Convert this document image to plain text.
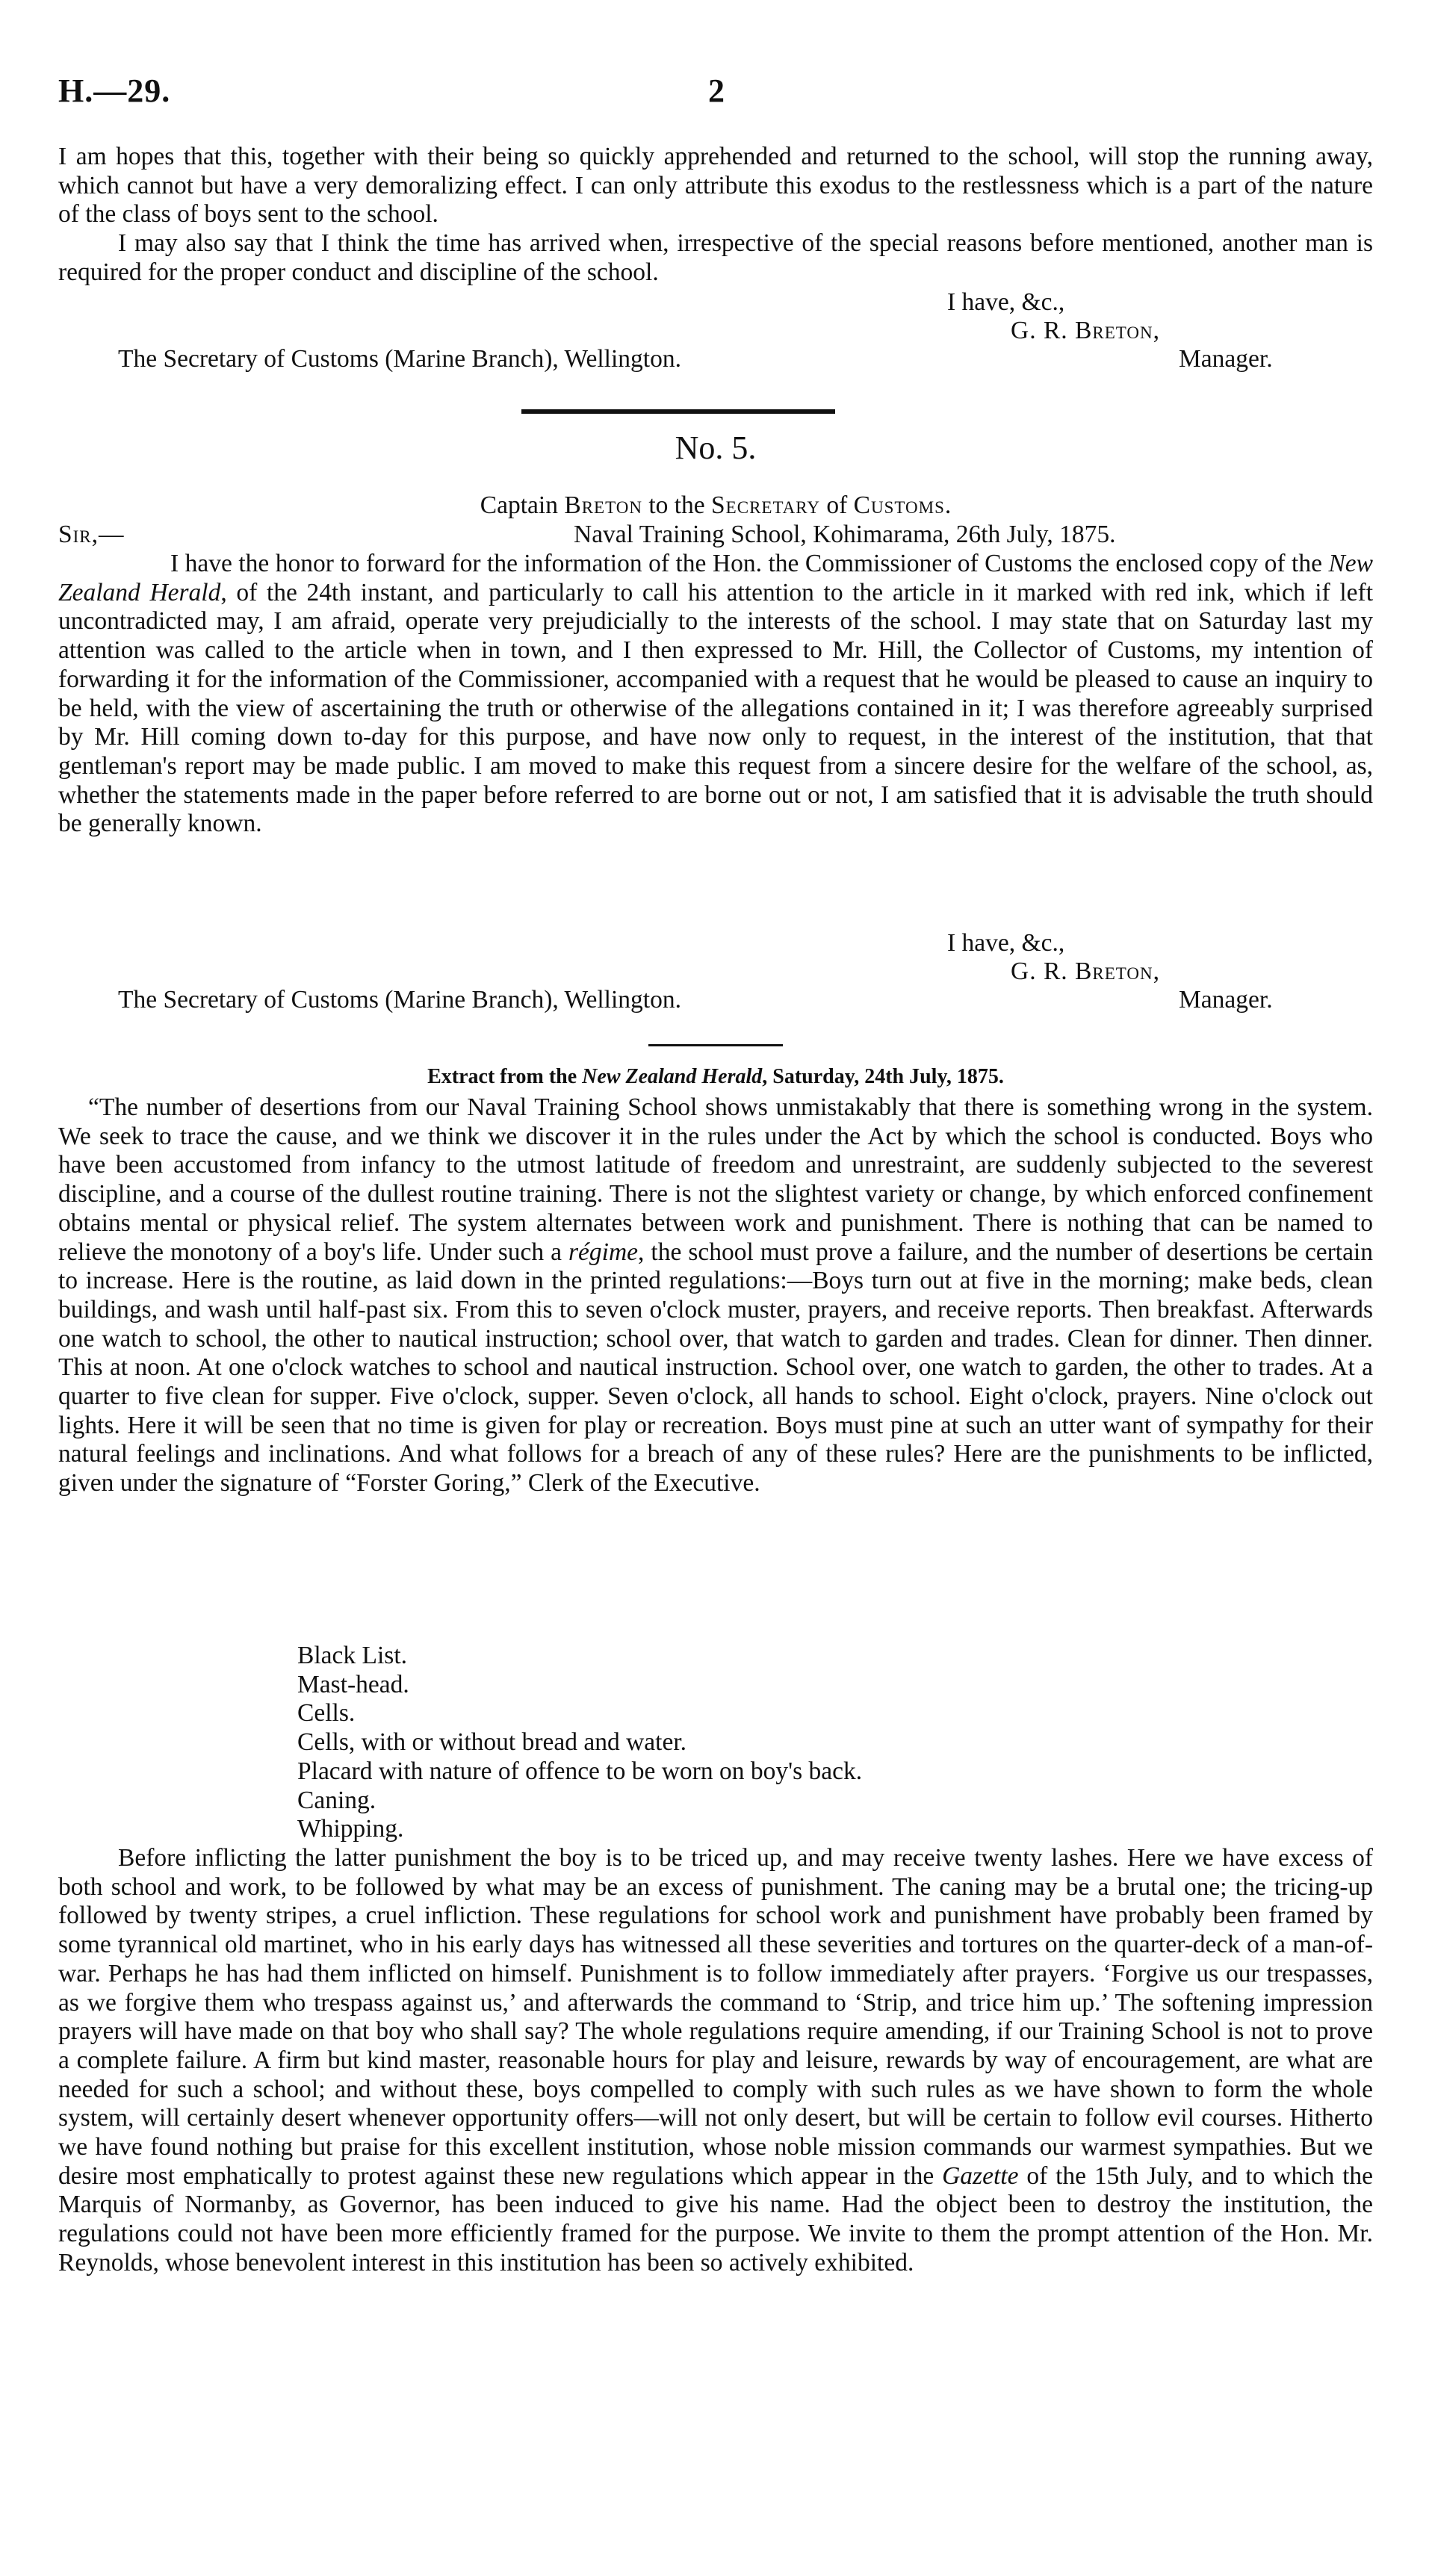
H.—29.	2

I am hopes that this, together with their being so quickly apprehended and returned to the school, will stop the running away, which cannot but have a very demoralizing effect. I can only attribute this exodus to the restlessness which is a part of the nature of the class of boys sent to the school.

I may also say that I think the time has arrived when, irrespective of the special reasons before mentioned, another man is required for the proper conduct and discipline of the school.

I have, &c.,
G. R. Breton,
The Secretary of Customs (Marine Branch), Wellington.	Manager.
No. 5.
Captain Breton to the Secretary of Customs.
Sir,—	Naval Training School, Kohimarama, 26th July, 1875.

I have the honor to forward for the information of the Hon. the Commissioner of Customs the enclosed copy of the New Zealand Herald, of the 24th instant, and particularly to call his attention to the article in it marked with red ink, which if left uncontradicted may, I am afraid, operate very prejudicially to the interests of the school. I may state that on Saturday last my attention was called to the article when in town, and I then expressed to Mr. Hill, the Collector of Customs, my intention of forwarding it for the information of the Commissioner, accompanied with a request that he would be pleased to cause an inquiry to be held, with the view of ascertaining the truth or otherwise of the allegations contained in it; I was therefore agreeably surprised by Mr. Hill coming down to-day for this purpose, and have now only to request, in the interest of the institution, that that gentleman's report may be made public. I am moved to make this request from a sincere desire for the welfare of the school, as, whether the statements made in the paper before referred to are borne out or not, I am satisfied that it is advisable the truth should be generally known.

I have, &c.,
G. R. Breton,
The Secretary of Customs (Marine Branch), Wellington.	Manager.
Extract from the New Zealand Herald, Saturday, 24th July, 1875.

“The number of desertions from our Naval Training School shows unmistakably that there is something wrong in the system. We seek to trace the cause, and we think we discover it in the rules under the Act by which the school is conducted. Boys who have been accustomed from infancy to the utmost latitude of freedom and unrestraint, are suddenly subjected to the severest discipline, and a course of the dullest routine training. There is not the slightest variety or change, by which enforced confinement obtains mental or physical relief. The system alternates between work and punishment. There is nothing that can be named to relieve the monotony of a boy's life. Under such a régime, the school must prove a failure, and the number of desertions be certain to increase. Here is the routine, as laid down in the printed regulations:—Boys turn out at five in the morning; make beds, clean buildings, and wash until half-past six. From this to seven o'clock muster, prayers, and receive reports. Then breakfast. Afterwards one watch to school, the other to nautical instruction; school over, that watch to garden and trades. Clean for dinner. Then dinner. This at noon. At one o'clock watches to school and nautical instruction. School over, one watch to garden, the other to trades. At a quarter to five clean for supper. Five o'clock, supper. Seven o'clock, all hands to school. Eight o'clock, prayers. Nine o'clock out lights. Here it will be seen that no time is given for play or recreation. Boys must pine at such an utter want of sympathy for their natural feelings and inclinations. And what follows for a breach of any of these rules? Here are the punishments to be inflicted, given under the signature of “Forster Goring,” Clerk of the Executive.

Black List.
Mast-head.
Cells.
Cells, with or without bread and water.
Placard with nature of offence to be worn on boy's back.
Caning.
Whipping.

Before inflicting the latter punishment the boy is to be triced up, and may receive twenty lashes. Here we have excess of both school and work, to be followed by what may be an excess of punishment. The caning may be a brutal one; the tricing-up followed by twenty stripes, a cruel infliction. These regulations for school work and punishment have probably been framed by some tyrannical old martinet, who in his early days has witnessed all these severities and tortures on the quarter-deck of a man-of-war. Perhaps he has had them inflicted on himself. Punishment is to follow immediately after prayers. ‘Forgive us our trespasses, as we forgive them who trespass against us,’ and afterwards the command to ‘Strip, and trice him up.’ The softening impression prayers will have made on that boy who shall say? The whole regulations require amending, if our Training School is not to prove a complete failure. A firm but kind master, reasonable hours for play and leisure, rewards by way of encouragement, are what are needed for such a school; and without these, boys compelled to comply with such rules as we have shown to form the whole system, will certainly desert whenever opportunity offers—will not only desert, but will be certain to follow evil courses. Hitherto we have found nothing but praise for this excellent institution, whose noble mission commands our warmest sympathies. But we desire most emphatically to protest against these new regulations which appear in the Gazette of the 15th July, and to which the Marquis of Normanby, as Governor, has been induced to give his name. Had the object been to destroy the institution, the regulations could not have been more efficiently framed for the purpose. We invite to them the prompt attention of the Hon. Mr. Reynolds, whose benevolent interest in this institution has been so actively exhibited.
